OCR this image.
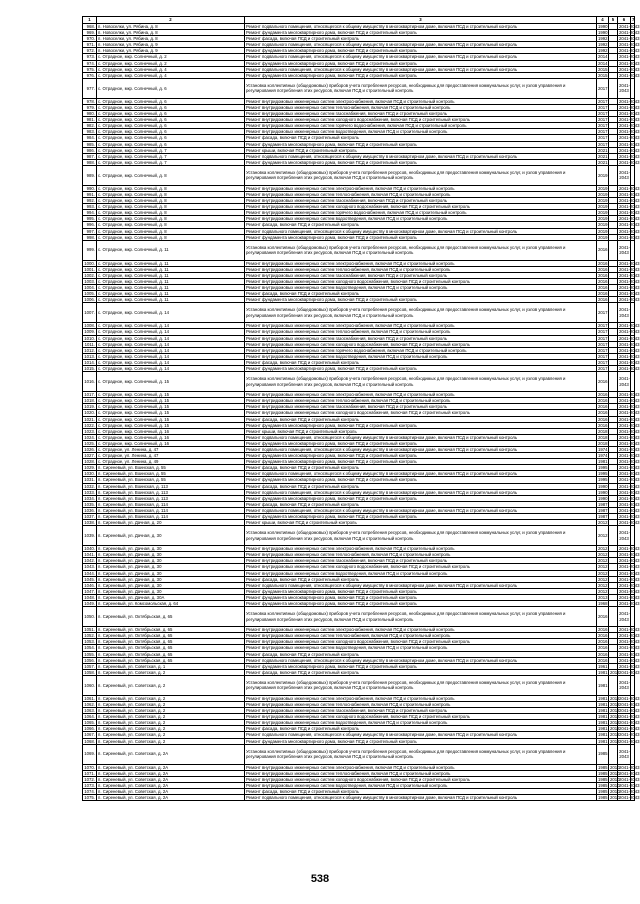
1	2	3	4	5	6	7
968.	п. Новоселки, ул. Рябина, д. 8	Ремонт подвального помещения, относящегося к общему имуществу в многоквартирном доме, включая ПСД и строительный контроль	1990		2041-2043	
969.	п. Новоселки, ул. Рябина, д. 8	Ремонт фундамента многоквартирного дома, включая ПСД и строительный контроль	1990		2041-2043	
970.	п. Новоселки, ул. Рябина, д. 8	Ремонт фасада, включая ПСД и строительный контроль	1992		2041-2043	
971.	п. Новоселки, ул. Рябина, д. 9	Ремонт подвального помещения, относящегося к общему имуществу в многоквартирном доме, включая ПСД и строительный контроль	1992		2041-2043	
972.	п. Новоселки, ул. Рябина, д. 9	Ремонт фундамента многоквартирного дома, включая ПСД и строительный контроль	1992		2041-2043	
973.	с. Отрадное, мкр. Солнечный, д. 2	Ремонт подвального помещения, относящегося к общему имуществу в многоквартирном доме, включая ПСД и строительный контроль	2014		2041-2043	
974.	с. Отрадное, мкр. Солнечный, д. 2	Ремонт фундамента многоквартирного дома, включая ПСД и строительный контроль	2014		2041-2043	
975.	с. Отрадное, мкр. Солнечный, д. 4	Ремонт подвального помещения, относящегося к общему имуществу в многоквартирном доме, включая ПСД и строительный контроль	2015		2041-2043	
976.	с. Отрадное, мкр. Солнечный, д. 4	Ремонт фундамента многоквартирного дома, включая ПСД и строительный контроль	2015		2041-2043	
977.	с. Отрадное, мкр. Солнечный, д. 6	Установка коллективных (общедомовых) приборов учета потребления ресурсов, необходимых для предоставления коммунальных услуг, и узлов управления и регулирования потребления этих ресурсов, включая ПСД и строительный контроль	2017		2041-2043	
978.	с. Отрадное, мкр. Солнечный, д. 6	Ремонт внутридомовых инженерных систем электроснабжения, включая ПСД и строительный контроль	2017		2041-2043	
979.	с. Отрадное, мкр. Солнечный, д. 6	Ремонт внутридомовых инженерных систем теплоснабжения, включая ПСД и строительный контроль	2017		2041-2043	
980.	с. Отрадное, мкр. Солнечный, д. 6	Ремонт внутридомовых инженерных систем газоснабжения, включая ПСД и строительный контроль	2017		2041-2043	
981.	с. Отрадное, мкр. Солнечный, д. 6	Ремонт внутридомовых инженерных систем холодного водоснабжения, включая ПСД и строительный контроль	2017		2041-2043	
982.	с. Отрадное, мкр. Солнечный, д. 6	Ремонт внутридомовых инженерных систем горячего водоснабжения, включая ПСД и строительный контроль	2017		2041-2043	
983.	с. Отрадное, мкр. Солнечный, д. 6	Ремонт внутридомовых инженерных систем водоотведения, включая ПСД и строительный контроль	2017		2041-2043	
984.	с. Отрадное, мкр. Солнечный, д. 6	Ремонт фасада, включая ПСД и строительный контроль	2017		2041-2043	
985.	с. Отрадное, мкр. Солнечный, д. 6	Ремонт фундамента многоквартирного дома, включая ПСД и строительный контроль	2017		2041-2043	
986.	с. Отрадное, мкр. Солнечный, д. 7	Ремонт крыши, включая ПСД и строительный контроль	2021		2041-2043	
987.	с. Отрадное, мкр. Солнечный, д. 7	Ремонт подвального помещения, относящегося к общему имуществу в многоквартирном доме, включая ПСД и строительный контроль	2021		2041-2043	
988.	с. Отрадное, мкр. Солнечный, д. 7	Ремонт фундамента многоквартирного дома, включая ПСД и строительный контроль	2021		2041-2043	
989.	с. Отрадное, мкр. Солнечный, д. 8	Установка коллективных (общедомовых) приборов учета потребления ресурсов, необходимых для предоставления коммунальных услуг, и узлов управления и регулирования потребления этих ресурсов, включая ПСД и строительный контроль	2019		2041-2043	
990.	с. Отрадное, мкр. Солнечный, д. 8	Ремонт внутридомовых инженерных систем электроснабжения, включая ПСД и строительный контроль	2019		2041-2043	
991.	с. Отрадное, мкр. Солнечный, д. 8	Ремонт внутридомовых инженерных систем теплоснабжения, включая ПСД и строительный контроль	2019		2041-2043	
992.	с. Отрадное, мкр. Солнечный, д. 8	Ремонт внутридомовых инженерных систем газоснабжения, включая ПСД и строительный контроль	2019		2041-2043	
993.	с. Отрадное, мкр. Солнечный, д. 8	Ремонт внутридомовых инженерных систем холодного водоснабжения, включая ПСД и строительный контроль	2019		2041-2043	
994.	с. Отрадное, мкр. Солнечный, д. 8	Ремонт внутридомовых инженерных систем горячего водоснабжения, включая ПСД и строительный контроль	2019		2041-2043	
995.	с. Отрадное, мкр. Солнечный, д. 8	Ремонт внутридомовых инженерных систем водоотведения, включая ПСД и строительный контроль	2019		2041-2043	
996.	с. Отрадное, мкр. Солнечный, д. 8	Ремонт фасада, включая ПСД и строительный контроль	2019		2041-2043	
997.	с. Отрадное, мкр. Солнечный, д. 8	Ремонт подвального помещения, относящегося к общему имуществу в многоквартирном доме, включая ПСД и строительный контроль	2019		2041-2043	
998.	с. Отрадное, мкр. Солнечный, д. 8	Ремонт фундамента многоквартирного дома, включая ПСД и строительный контроль	2019		2041-2043	
999.	с. Отрадное, мкр. Солнечный, д. 11	Установка коллективных (общедомовых) приборов учета потребления ресурсов, необходимых для предоставления коммунальных услуг, и узлов управления и регулирования потребления этих ресурсов, включая ПСД и строительный контроль	2016		2041-2043	
1000.	с. Отрадное, мкр. Солнечный, д. 11	Ремонт внутридомовых инженерных систем электроснабжения, включая ПСД и строительный контроль	2016		2041-2043	
1001.	с. Отрадное, мкр. Солнечный, д. 11	Ремонт внутридомовых инженерных систем теплоснабжения, включая ПСД и строительный контроль	2016		2041-2043	
1002.	с. Отрадное, мкр. Солнечный, д. 11	Ремонт внутридомовых инженерных систем газоснабжения, включая ПСД и строительный контроль	2016		2041-2043	
1003.	с. Отрадное, мкр. Солнечный, д. 11	Ремонт внутридомовых инженерных систем холодного водоснабжения, включая ПСД и строительный контроль	2016		2041-2043	
1004.	с. Отрадное, мкр. Солнечный, д. 11	Ремонт внутридомовых инженерных систем водоотведения, включая ПСД и строительный контроль	2016		2041-2043	
1005.	с. Отрадное, мкр. Солнечный, д. 11	Ремонт фасада, включая ПСД и строительный контроль	2016		2041-2043	
1006.	с. Отрадное, мкр. Солнечный, д. 11	Ремонт фундамента многоквартирного дома, включая ПСД и строительный контроль	2016		2041-2043	
1007.	с. Отрадное, мкр. Солнечный, д. 14	Установка коллективных (общедомовых) приборов учета потребления ресурсов, необходимых для предоставления коммунальных услуг, и узлов управления и регулирования потребления этих ресурсов, включая ПСД и строительный контроль	2017		2041-2043	
1008.	с. Отрадное, мкр. Солнечный, д. 14	Ремонт внутридомовых инженерных систем электроснабжения, включая ПСД и строительный контроль	2017		2041-2043	
1009.	с. Отрадное, мкр. Солнечный, д. 14	Ремонт внутридомовых инженерных систем теплоснабжения, включая ПСД и строительный контроль	2017		2041-2043	
1010.	с. Отрадное, мкр. Солнечный, д. 14	Ремонт внутридомовых инженерных систем газоснабжения, включая ПСД и строительный контроль	2017		2041-2043	
1011.	с. Отрадное, мкр. Солнечный, д. 14	Ремонт внутридомовых инженерных систем холодного водоснабжения, включая ПСД и строительный контроль	2017		2041-2043	
1012.	с. Отрадное, мкр. Солнечный, д. 14	Ремонт внутридомовых инженерных систем горячего водоснабжения, включая ПСД и строительный контроль	2017		2041-2043	
1013.	с. Отрадное, мкр. Солнечный, д. 14	Ремонт внутридомовых инженерных систем водоотведения, включая ПСД и строительный контроль	2017		2041-2043	
1014.	с. Отрадное, мкр. Солнечный, д. 14	Ремонт фасада, включая ПСД и строительный контроль	2017		2041-2043	
1015.	с. Отрадное, мкр. Солнечный, д. 14	Ремонт фундамента многоквартирного дома, включая ПСД и строительный контроль	2017		2041-2043	
1016.	с. Отрадное, мкр. Солнечный, д. 15	Установка коллективных (общедомовых) приборов учета потребления ресурсов, необходимых для предоставления коммунальных услуг, и узлов управления и регулирования потребления этих ресурсов, включая ПСД и строительный контроль	2016		2041-2043	
1017.	с. Отрадное, мкр. Солнечный, д. 15	Ремонт внутридомовых инженерных систем электроснабжения, включая ПСД и строительный контроль	2016		2041-2043	
1018.	с. Отрадное, мкр. Солнечный, д. 15	Ремонт внутридомовых инженерных систем теплоснабжения, включая ПСД и строительный контроль	2016		2041-2043	
1019.	с. Отрадное, мкр. Солнечный, д. 15	Ремонт внутридомовых инженерных систем газоснабжения, включая ПСД и строительный контроль	2016		2041-2043	
1020.	с. Отрадное, мкр. Солнечный, д. 15	Ремонт внутридомовых инженерных систем холодного водоснабжения, включая ПСД и строительный контроль	2016		2041-2043	
1021.	с. Отрадное, мкр. Солнечный, д. 15	Ремонт фасада, включая ПСД и строительный контроль	2016		2041-2043	
1022.	с. Отрадное, мкр. Солнечный, д. 15	Ремонт фундамента многоквартирного дома, включая ПСД и строительный контроль	2016		2041-2043	
1023.	с. Отрадное, мкр. Солнечный, д. 16	Ремонт крыши, включая ПСД и строительный контроль	2018		2041-2043	
1024.	с. Отрадное, мкр. Солнечный, д. 16	Ремонт подвального помещения, относящегося к общему имуществу в многоквартирном доме, включая ПСД и строительный контроль	2018		2041-2043	
1025.	с. Отрадное, мкр. Солнечный, д. 16	Ремонт фундамента многоквартирного дома, включая ПСД и строительный контроль	2018		2041-2043	
1026.	с. Отрадное, ул. Ленина, д. 47	Ремонт подвального помещения, относящегося к общему имуществу в многоквартирном доме, включая ПСД и строительный контроль	1974		2041-2043	
1027.	с. Отрадное, ул. Ленина, д. 47	Ремонт фундамента многоквартирного дома, включая ПСД и строительный контроль	1974		2041-2043	
1028.	с. Отрадное, ул. Ленина, д. 49	Ремонт фундамента многоквартирного дома, включая ПСД и строительный контроль	1981		2041-2043	
1029.	п. Сиреневый, ул. Воинская, д. 55	Ремонт фасада, включая ПСД и строительный контроль	1995		2041-2043	
1030.	п. Сиреневый, ул. Воинская, д. 55	Ремонт подвального помещения, относящегося к общему имуществу в многоквартирном доме, включая ПСД и строительный контроль	1995		2041-2043	
1031.	п. Сиреневый, ул. Воинская, д. 55	Ремонт фундамента многоквартирного дома, включая ПСД и строительный контроль	1995		2041-2043	
1032.	п. Сиреневый, ул. Воинская, д. 113	Ремонт фасада, включая ПСД и строительный контроль	1990		2041-2043	
1033.	п. Сиреневый, ул. Воинская, д. 113	Ремонт подвального помещения, относящегося к общему имуществу в многоквартирном доме, включая ПСД и строительный контроль	1990		2041-2043	
1034.	п. Сиреневый, ул. Воинская, д. 113	Ремонт фундамента многоквартирного дома, включая ПСД и строительный контроль	1990		2041-2043	
1035.	п. Сиреневый, ул. Воинская, д. 114	Ремонт фасада, включая ПСД и строительный контроль	1987		2041-2043	
1036.	п. Сиреневый, ул. Воинская, д. 114	Ремонт подвального помещения, относящегося к общему имуществу в многоквартирном доме, включая ПСД и строительный контроль	1987		2041-2043	
1037.	п. Сиреневый, ул. Воинская, д. 114	Ремонт фундамента многоквартирного дома, включая ПСД и строительный контроль	1987		2041-2043	
1038.	п. Сиреневый, ул. Дачная, д. 20	Ремонт крыши, включая ПСД и строительный контроль	2012		2041-2043	
1039.	п. Сиреневый, ул. Дачная, д. 30	Установка коллективных (общедомовых) приборов учета потребления ресурсов, необходимых для предоставления коммунальных услуг, и узлов управления и регулирования потребления этих ресурсов, включая ПСД и строительный контроль	2012		2041-2043	
1040.	п. Сиреневый, ул. Дачная, д. 30	Ремонт внутридомовых инженерных систем электроснабжения, включая ПСД и строительный контроль	2012		2041-2043	
1041.	п. Сиреневый, ул. Дачная, д. 30	Ремонт внутридомовых инженерных систем теплоснабжения, включая ПСД и строительный контроль	2012		2041-2043	
1042.	п. Сиреневый, ул. Дачная, д. 30	Ремонт внутридомовых инженерных систем газоснабжения, включая ПСД и строительный контроль	2012		2041-2043	
1043.	п. Сиреневый, ул. Дачная, д. 30	Ремонт внутридомовых инженерных систем холодного водоснабжения, включая ПСД и строительный контроль	2012		2041-2043	
1044.	п. Сиреневый, ул. Дачная, д. 30	Ремонт внутридомовых инженерных систем водоотведения, включая ПСД и строительный контроль	2012		2041-2043	
1045.	п. Сиреневый, ул. Дачная, д. 30	Ремонт фасада, включая ПСД и строительный контроль	2012		2041-2043	
1046.	п. Сиреневый, ул. Дачная, д. 30	Ремонт подвального помещения, относящегося к общему имуществу в многоквартирном доме, включая ПСД и строительный контроль	2012		2041-2043	
1047.	п. Сиреневый, ул. Дачная, д. 30	Ремонт фундамента многоквартирного дома, включая ПСД и строительный контроль	2012		2041-2043	
1048.	п. Сиреневый, ул. Дачная, д. 30А	Ремонт фундамента многоквартирного дома, включая ПСД и строительный контроль	2013		2041-2043	
1049.	п. Сиреневый, ул. Комсомольская, д. 64	Ремонт фундамента многоквартирного дома, включая ПСД и строительный контроль	1968		2041-2043	
1050.	п. Сиреневый, ул. Октябрьская, д. 65	Установка коллективных (общедомовых) приборов учета потребления ресурсов, необходимых для предоставления коммунальных услуг, и узлов управления и регулирования потребления этих ресурсов, включая ПСД и строительный контроль	2016		2041-2043	
1051.	п. Сиреневый, ул. Октябрьская, д. 65	Ремонт внутридомовых инженерных систем электроснабжения, включая ПСД и строительный контроль	2016		2041-2043	
1052.	п. Сиреневый, ул. Октябрьская, д. 65	Ремонт внутридомовых инженерных систем теплоснабжения, включая ПСД и строительный контроль	2016		2041-2043	
1053.	п. Сиреневый, ул. Октябрьская, д. 65	Ремонт внутридомовых инженерных систем холодного водоснабжения, включая ПСД и строительный контроль	2016		2041-2043	
1054.	п. Сиреневый, ул. Октябрьская, д. 65	Ремонт внутридомовых инженерных систем водоотведения, включая ПСД и строительный контроль	2016		2041-2043	
1055.	п. Сиреневый, ул. Октябрьская, д. 65	Ремонт фасада, включая ПСД и строительный контроль	2016		2041-2043	
1056.	п. Сиреневый, ул. Октябрьская, д. 65	Ремонт подвального помещения, относящегося к общему имуществу в многоквартирном доме, включая ПСД и строительный контроль	2016		2041-2043	
1057.	п. Сиреневый, ул. Советская, д. 1	Ремонт фундамента многоквартирного дома, включая ПСД и строительный контроль	1961		2041-2043	
1058.	п. Сиреневый, ул. Советская, д. 2	Ремонт фасада, включая ПСД и строительный контроль	1981	2012	2041-2043	
1060.	п. Сиреневый, ул. Советская, д. 2	Установка коллективных (общедомовых) приборов учета потребления ресурсов, необходимых для предоставления коммунальных услуг, и узлов управления и регулирования потребления этих ресурсов, включая ПСД и строительный контроль	1981		2041-2043	
1061.	п. Сиреневый, ул. Советская, д. 2	Ремонт внутридомовых инженерных систем электроснабжения, включая ПСД и строительный контроль	1981	2012	2041-2043	
1062.	п. Сиреневый, ул. Советская, д. 2	Ремонт внутридомовых инженерных систем теплоснабжения, включая ПСД и строительный контроль	1981	2012	2041-2043	
1063.	п. Сиреневый, ул. Советская, д. 2	Ремонт внутридомовых инженерных систем газоснабжения, включая ПСД и строительный контроль	1981	2012	2041-2043	
1064.	п. Сиреневый, ул. Советская, д. 2	Ремонт внутридомовых инженерных систем холодного водоснабжения, включая ПСД и строительный контроль	1981	2012	2041-2043	
1065.	п. Сиреневый, ул. Советская, д. 2	Ремонт внутридомовых инженерных систем водоотведения, включая ПСД и строительный контроль	1981	2012	2041-2043	
1066.	п. Сиреневый, ул. Советская, д. 2	Ремонт фасада, включая ПСД и строительный контроль	1981	2012	2041-2043	
1067.	п. Сиреневый, ул. Советская, д. 2	Ремонт подвального помещения, относящегося к общему имуществу в многоквартирном доме, включая ПСД и строительный контроль	1981	2012	2041-2043	
1068.	п. Сиреневый, ул. Советская, д. 2	Ремонт фундамента многоквартирного дома, включая ПСД и строительный контроль	1981	2012	2041-2043	
1069.	п. Сиреневый, ул. Советская, д. 2А	Установка коллективных (общедомовых) приборов учета потребления ресурсов, необходимых для предоставления коммунальных услуг, и узлов управления и регулирования потребления этих ресурсов, включая ПСД и строительный контроль	1985		2041-2043	
1070.	п. Сиреневый, ул. Советская, д. 2А	Ремонт внутридомовых инженерных систем электроснабжения, включая ПСД и строительный контроль	1985	2010	2041-2043	
1071.	п. Сиреневый, ул. Советская, д. 2А	Ремонт внутридомовых инженерных систем теплоснабжения, включая ПСД и строительный контроль	1985	2010	2041-2043	
1072.	п. Сиреневый, ул. Советская, д. 2А	Ремонт внутридомовых инженерных систем холодного водоснабжения, включая ПСД и строительный контроль	1985	2010	2041-2043	
1073.	п. Сиреневый, ул. Советская, д. 2А	Ремонт внутридомовых инженерных систем водоотведения, включая ПСД и строительный контроль	1985	2010	2041-2043	
1074.	п. Сиреневый, ул. Советская, д. 2А	Ремонт фасада, включая ПСД и строительный контроль	1985	2010	2041-2043	
1075.	п. Сиреневый, ул. Советская, д. 2А	Ремонт подвального помещения, относящегося к общему имуществу в многоквартирном доме, включая ПСД и строительный контроль	1985	2010	2041-2043	
538
